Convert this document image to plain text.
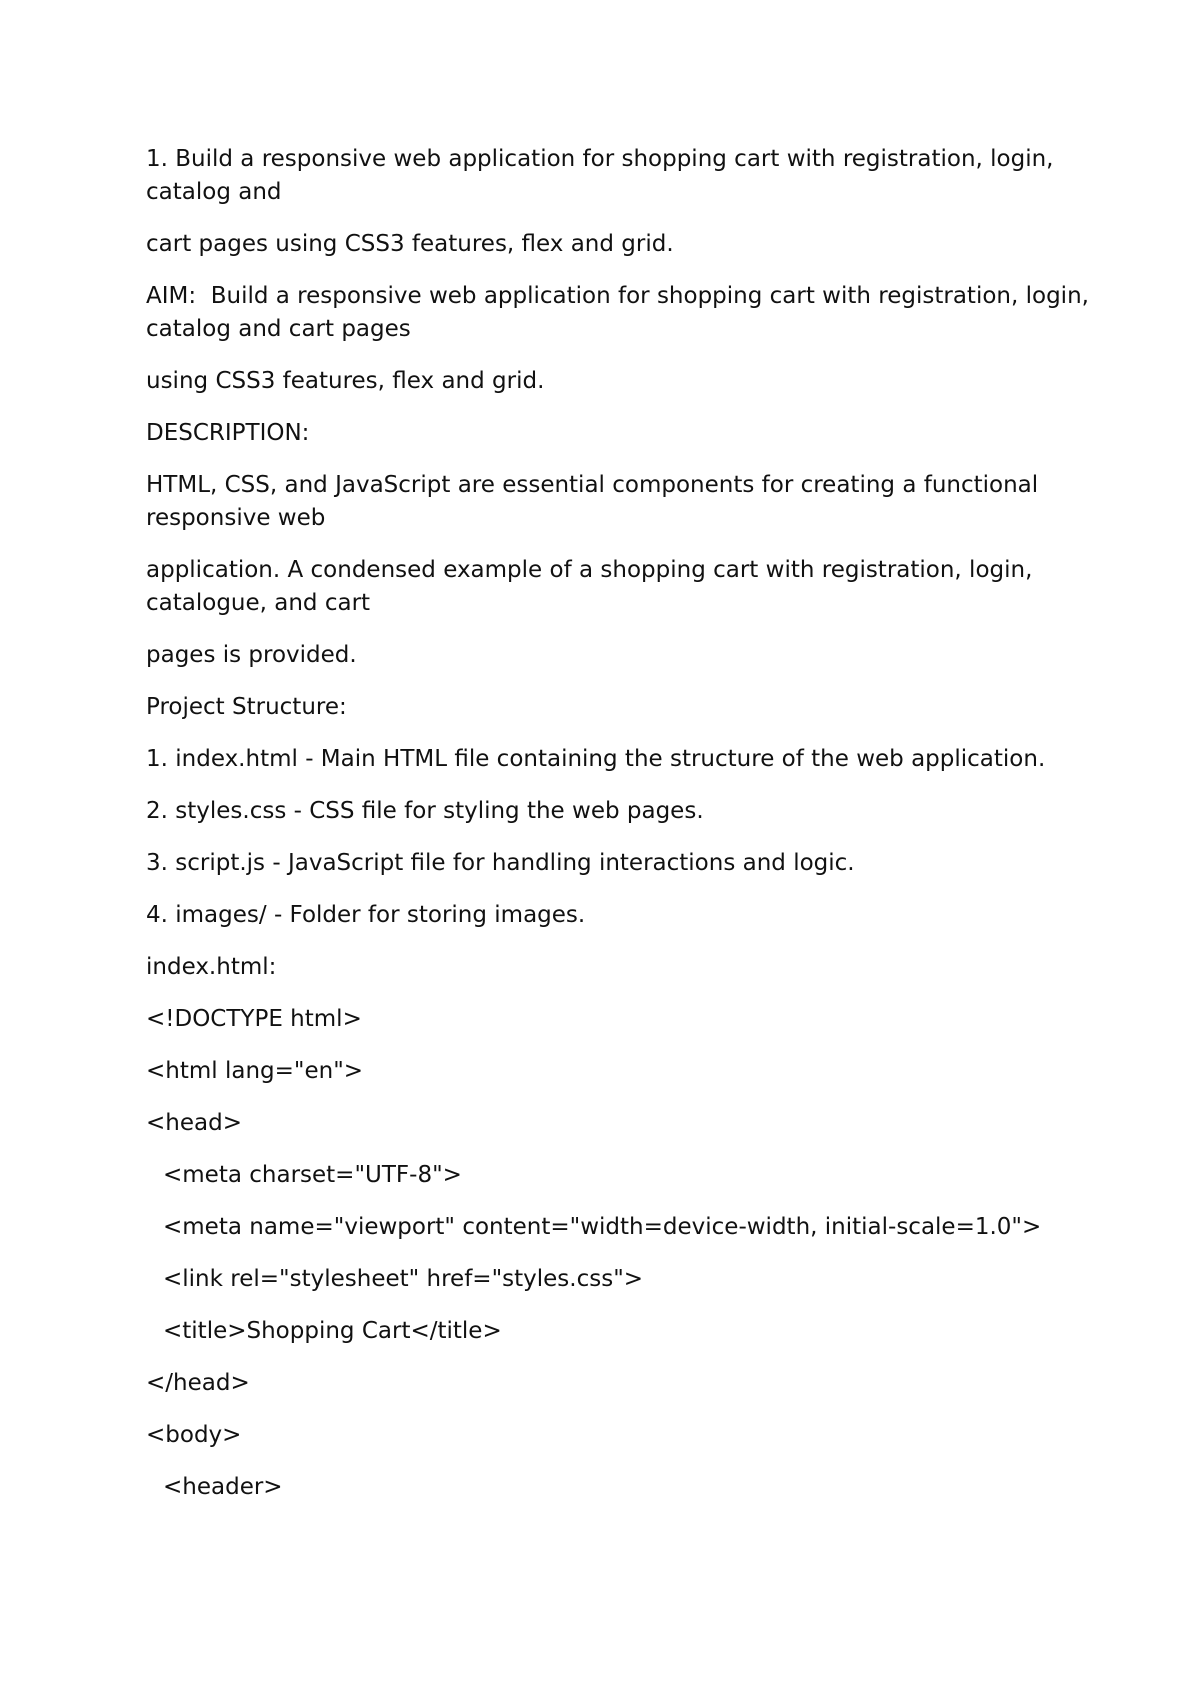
1. Build a responsive web application for shopping cart with registration, login,
catalog and

cart pages using CSS3 features, flex and grid.

AIM:  Build a responsive web application for shopping cart with registration, login,
catalog and cart pages

using CSS3 features, flex and grid.

DESCRIPTION:

HTML, CSS, and JavaScript are essential components for creating a functional
responsive web

application. A condensed example of a shopping cart with registration, login,
catalogue, and cart

pages is provided.

Project Structure:

1. index.html - Main HTML file containing the structure of the web application.

2. styles.css - CSS file for styling the web pages.

3. script.js - JavaScript file for handling interactions and logic.

4. images/ - Folder for storing images.

index.html:

<!DOCTYPE html>

<html lang="en">

<head>

<meta charset="UTF-8">

<meta name="viewport" content="width=device-width, initial-scale=1.0">

<link rel="stylesheet" href="styles.css">

<title>Shopping Cart</title>

</head>

<body>

<header>
